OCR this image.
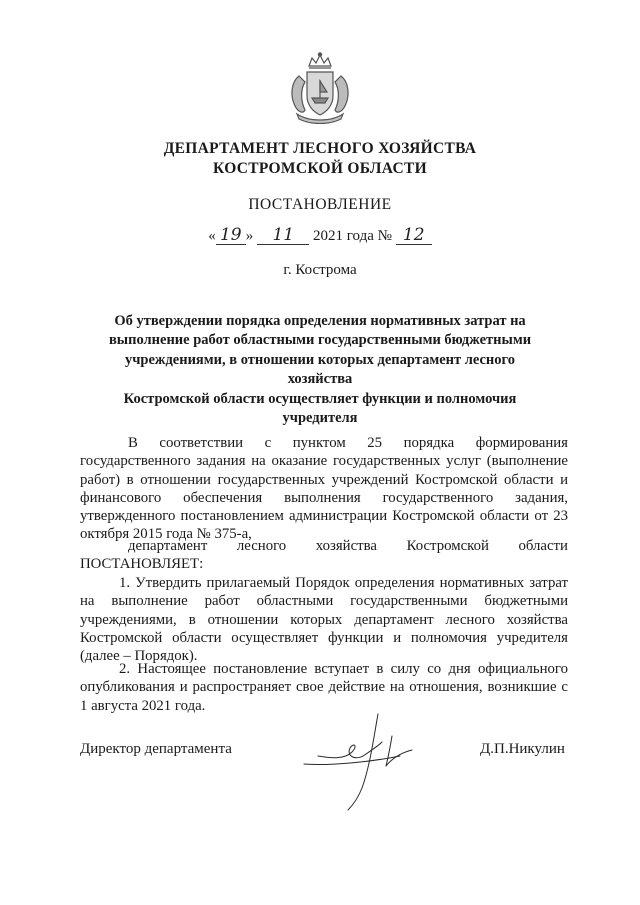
ДЕПАРТАМЕНТ ЛЕСНОГО ХОЗЯЙСТВА
КОСТРОМСКОЙ ОБЛАСТИ
ПОСТАНОВЛЕНИЕ
« 19 » 11 2021 года № 12
г. Кострома
Об утверждении порядка определения нормативных затрат на
выполнение работ областными государственными бюджетными
учреждениями, в отношении которых департамент лесного хозяйства
Костромской области осуществляет функции и полномочия
учредителя
В соответствии с пунктом 25 порядка формирования

государственного задания на оказание государственных услуг (выполнение работ) в отношении государственных учреждений Костромской области и финансового обеспечения выполнения государственного задания, утвержденного постановлением администрации Костромской области от 23 октября 2015 года № 375-а,

департамент лесного хозяйства Костромской области

ПОСТАНОВЛЯЕТ:

1. Утвердить прилагаемый Порядок определения нормативных затрат на выполнение работ областными государственными бюджетными учреждениями, в отношении которых департамент лесного хозяйства Костромской области осуществляет функции и полномочия учредителя (далее – Порядок).

2. Настоящее постановление вступает в силу со дня официального опубликования и распространяет свое действие на отношения, возникшие с 1 августа 2021 года.

Директор департамента	Д.П.Никулин
